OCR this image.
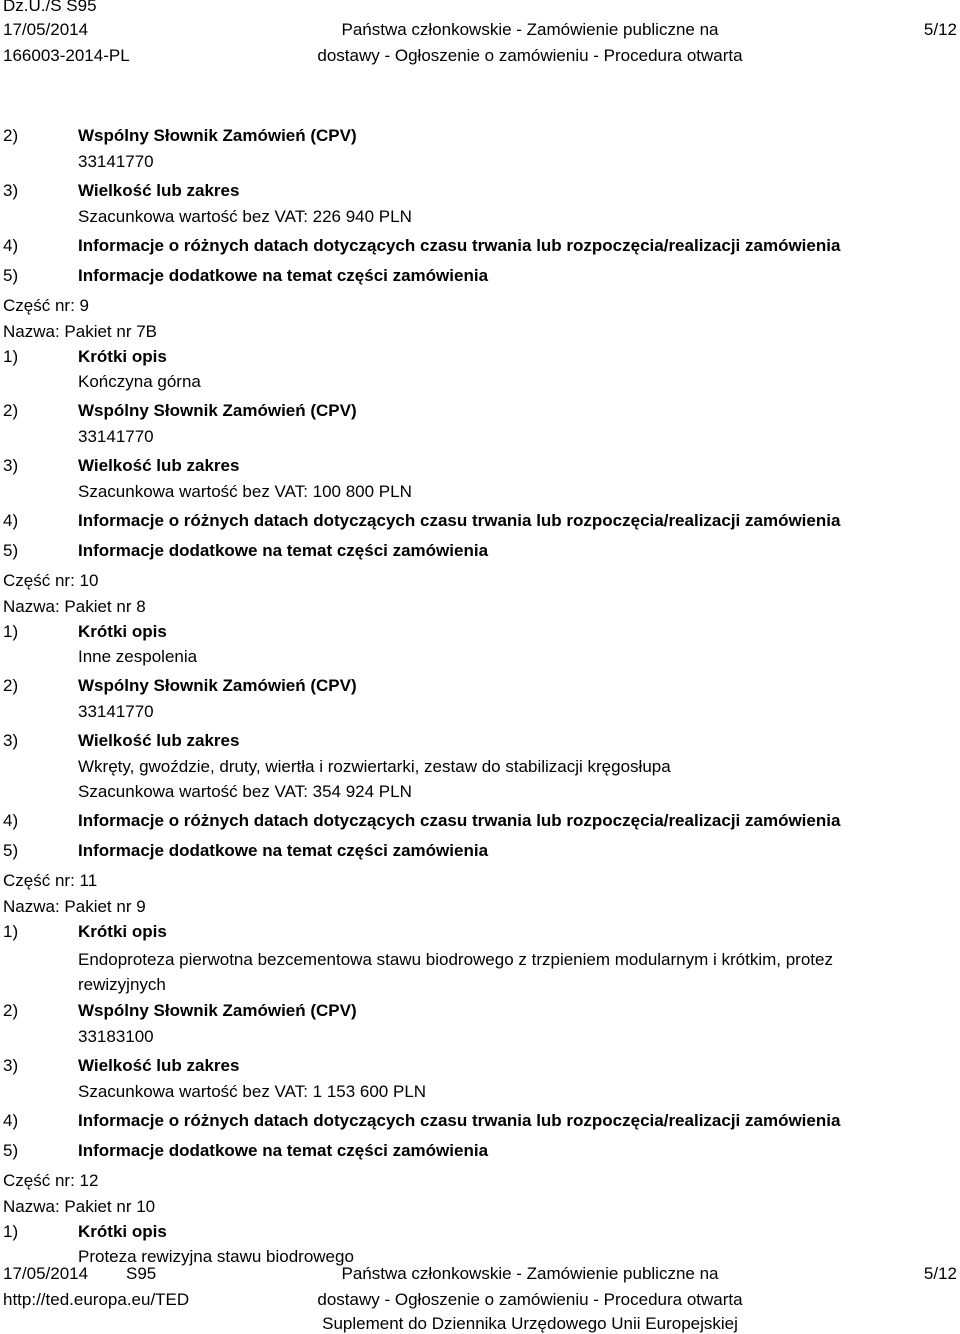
Dz.U./S S95
17/05/2014
166003-2014-PL
Państwa członkowskie - Zamówienie publiczne na
dostawy - Ogłoszenie o zamówieniu - Procedura otwarta
5/12
2)	Wspólny Słownik Zamówień (CPV)
33141770
3)	Wielkość lub zakres
Szacunkowa wartość bez VAT: 226 940 PLN
4)	Informacje o różnych datach dotyczących czasu trwania lub rozpoczęcia/realizacji zamówienia
5)	Informacje dodatkowe na temat części zamówienia
Część nr: 9
Nazwa: Pakiet nr 7B
1)	Krótki opis
Kończyna górna
2)	Wspólny Słownik Zamówień (CPV)
33141770
3)	Wielkość lub zakres
Szacunkowa wartość bez VAT: 100 800 PLN
4)	Informacje o różnych datach dotyczących czasu trwania lub rozpoczęcia/realizacji zamówienia
5)	Informacje dodatkowe na temat części zamówienia
Część nr: 10
Nazwa: Pakiet nr 8
1)	Krótki opis
Inne zespolenia
2)	Wspólny Słownik Zamówień (CPV)
33141770
3)	Wielkość lub zakres
Wkręty, gwoździe, druty, wiertła i rozwiertarki, zestaw do stabilizacji kręgosłupa
Szacunkowa wartość bez VAT: 354 924 PLN
4)	Informacje o różnych datach dotyczących czasu trwania lub rozpoczęcia/realizacji zamówienia
5)	Informacje dodatkowe na temat części zamówienia
Część nr: 11
Nazwa: Pakiet nr 9
1)	Krótki opis
Endoproteza pierwotna bezcementowa stawu biodrowego z trzpieniem modularnym i krótkim, protez rewizyjnych
2)	Wspólny Słownik Zamówień (CPV)
33183100
3)	Wielkość lub zakres
Szacunkowa wartość bez VAT: 1 153 600 PLN
4)	Informacje o różnych datach dotyczących czasu trwania lub rozpoczęcia/realizacji zamówienia
5)	Informacje dodatkowe na temat części zamówienia
Część nr: 12
Nazwa: Pakiet nr 10
1)	Krótki opis
Proteza rewizyjna stawu biodrowego
17/05/2014 S95
http://ted.europa.eu/TED
Państwa członkowskie - Zamówienie publiczne na
dostawy - Ogłoszenie o zamówieniu - Procedura otwarta
Suplement do Dziennika Urzędowego Unii Europejskiej
5/12
